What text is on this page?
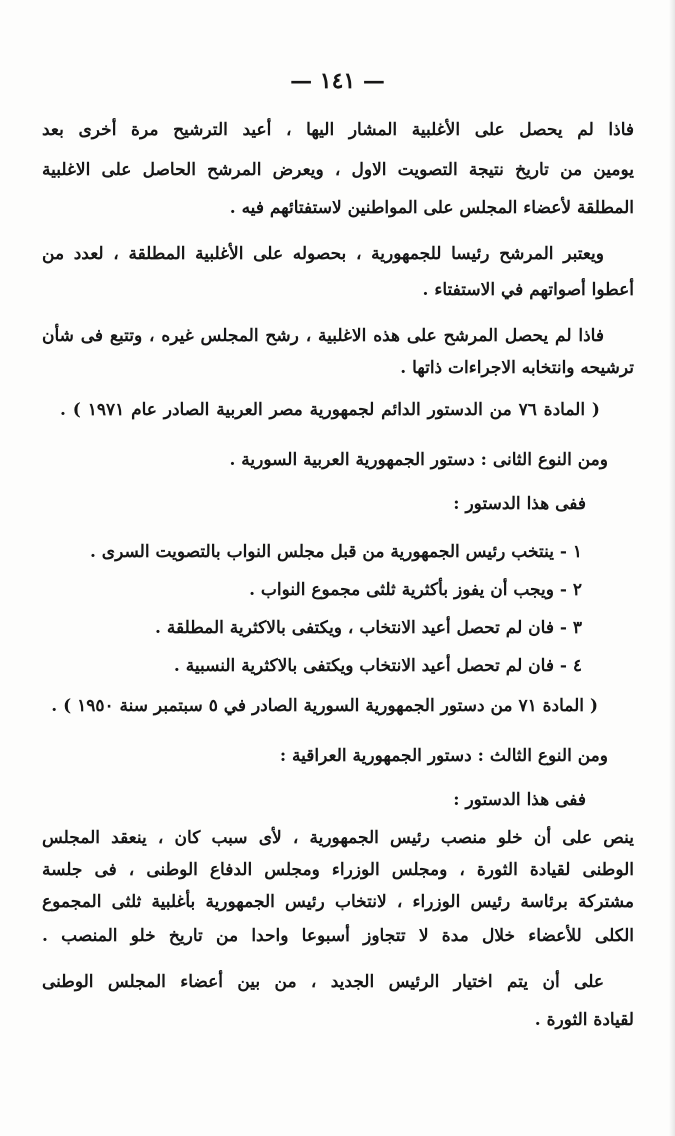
— ١٤١ —
فاذا لم يحصل على الأغلبية المشار اليها ، أعيد الترشيح مرة أخرى بعد
يومين من تاريخ نتيجة التصويت الاول ، ويعرض المرشح الحاصل على الاغلبية
المطلقة لأعضاء المجلس على المواطنين لاستفتائهم فيه .
ويعتبر المرشح رئيسا للجمهورية ، بحصوله على الأغلبية المطلقة ، لعدد من
أعطوا أصواتهم في الاستفتاء .
فاذا لم يحصل المرشح على هذه الاغلبية ، رشح المجلس غيره ، وتتبع فى شأن
ترشيحه وانتخابه الاجراءات ذاتها .
( المادة ٧٦ من الدستور الدائم لجمهورية مصر العربية الصادر عام ١٩٧١ ) .
ومن النوع الثانى : دستور الجمهورية العربية السورية .
ففى هذا الدستور :
١ - ينتخب رئيس الجمهورية من قبل مجلس النواب بالتصويت السرى .
٢ - ويجب أن يفوز بأكثرية ثلثى مجموع النواب .
٣ - فان لم تحصل أعيد الانتخاب ، ويكتفى بالاكثرية المطلقة .
٤ - فان لم تحصل أعيد الانتخاب ويكتفى بالاكثرية النسبية .
( المادة ٧١ من دستور الجمهورية السورية الصادر في ٥ سبتمبر سنة ١٩٥٠ ) .
ومن النوع الثالث : دستور الجمهورية العراقية :
ففى هذا الدستور :
ينص على أن خلو منصب رئيس الجمهورية ، لأى سبب كان ، ينعقد المجلس
الوطنى لقيادة الثورة ، ومجلس الوزراء ومجلس الدفاع الوطنى ، فى جلسة
مشتركة برئاسة رئيس الوزراء ، لانتخاب رئيس الجمهورية بأغلبية ثلثى المجموع
الكلى للأعضاء خلال مدة لا تتجاوز أسبوعا واحدا من تاريخ خلو المنصب .
على أن يتم اختيار الرئيس الجديد ، من بين أعضاء المجلس الوطنى
لقيادة الثورة .
